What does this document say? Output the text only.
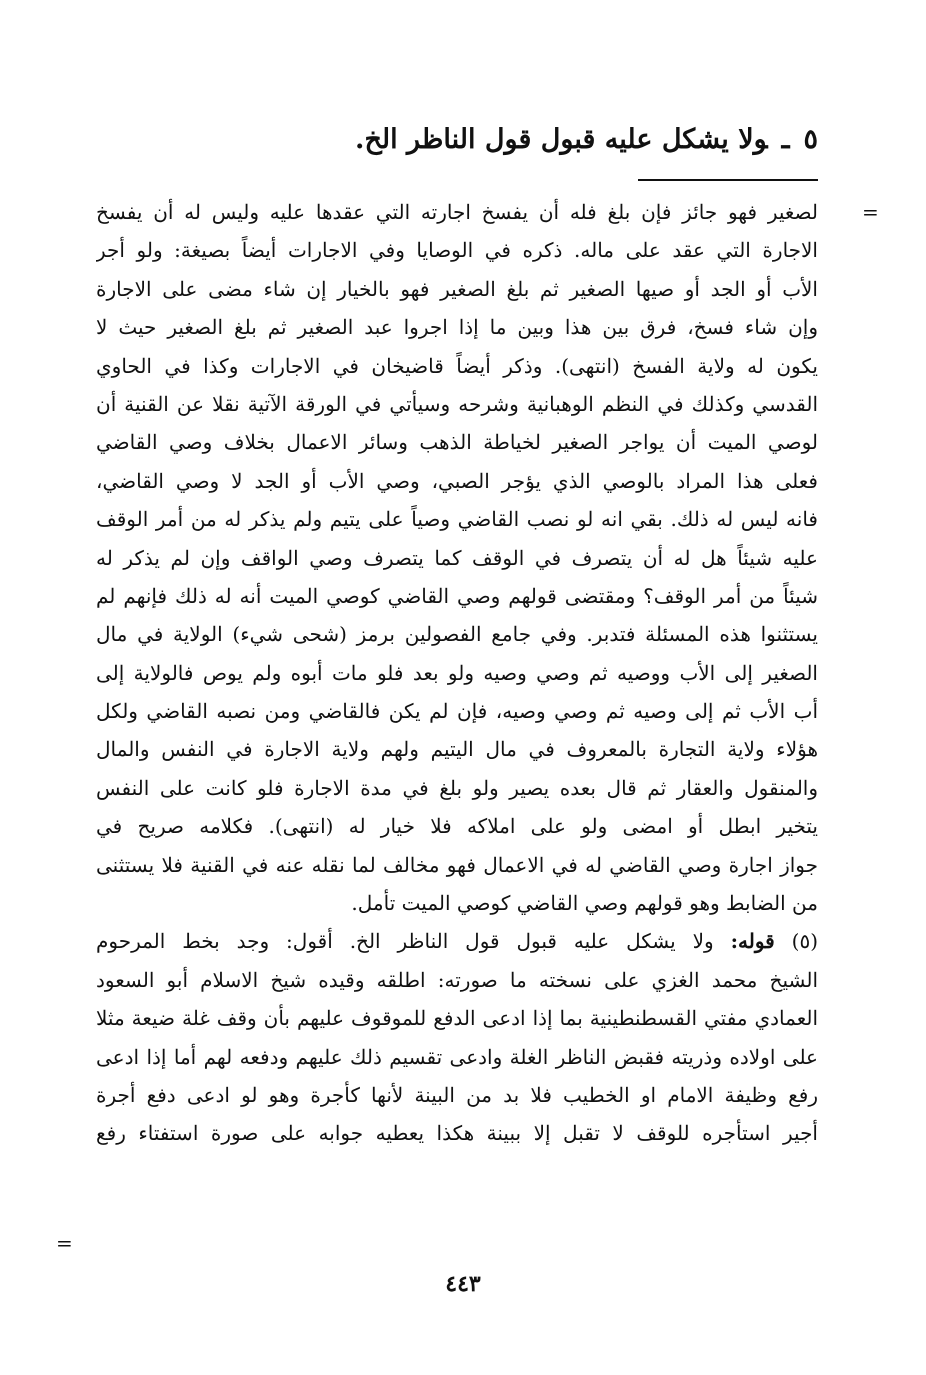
٥ـولا يشكل عليه قبول قول الناظر الخ.
=
لصغير فهو جائز فإن بلغ فله أن يفسخ اجارته التي عقدها عليه وليس له أن يفسخ
الاجارة التي عقد على ماله. ذكره في الوصايا وفي الاجارات أيضاً بصيغة: ولو أجر
الأب أو الجد أو صيها الصغير ثم بلغ الصغير فهو بالخيار إن شاء مضى على الاجارة
وإن شاء فسخ، فرق بين هذا وبين ما إذا اجروا عبد الصغير ثم بلغ الصغير حيث لا
يكون له ولاية الفسخ (انتهى). وذكر أيضاً قاضيخان في الاجارات وكذا في الحاوي
القدسي وكذلك في النظم الوهبانية وشرحه وسيأتي في الورقة الآتية نقلا عن القنية أن
لوصي الميت أن يواجر الصغير لخياطة الذهب وسائر الاعمال بخلاف وصي القاضي
فعلى هذا المراد بالوصي الذي يؤجر الصبي، وصي الأب أو الجد لا وصي القاضي،
فانه ليس له ذلك. بقي انه لو نصب القاضي وصياً على يتيم ولم يذكر له من أمر الوقف
عليه شيئاً هل له أن يتصرف في الوقف كما يتصرف وصي الواقف وإن لم يذكر له
شيئاً من أمر الوقف؟ ومقتضى قولهم وصي القاضي كوصي الميت أنه له ذلك فإنهم لم
يستثنوا هذه المسئلة فتدبر. وفي جامع الفصولين برمز (شحى شيء) الولاية في مال
الصغير إلى الأب ووصيه ثم وصي وصيه ولو بعد فلو مات أبوه ولم يوص فالولاية إلى
أب الأب ثم إلى وصيه ثم وصي وصيه، فإن لم يكن فالقاضي ومن نصبه القاضي ولكل
هؤلاء ولاية التجارة بالمعروف في مال اليتيم ولهم ولاية الاجارة في النفس والمال
والمنقول والعقار ثم قال بعده يصير ولو بلغ في مدة الاجارة فلو كانت على النفس
يتخير ابطل أو امضى ولو على املاكه فلا خيار له (انتهى). فكلامه صريح في
جواز اجارة وصي القاضي له في الاعمال فهو مخالف لما نقله عنه في القنية فلا يستثنى
من الضابط وهو قولهم وصي القاضي كوصي الميت تأمل.
(٥) قوله: ولا يشكل عليه قبول قول الناظر الخ. أقول: وجد بخط المرحوم
الشيخ محمد الغزي على نسخته ما صورته: اطلقه وقيده شيخ الاسلام أبو السعود
العمادي مفتي القسطنطينية بما إذا ادعى الدفع للموقوف عليهم بأن وقف غلة ضيعة مثلا
على اولاده وذريته فقبض الناظر الغلة وادعى تقسيم ذلك عليهم ودفعه لهم أما إذا ادعى
رفع وظيفة الامام او الخطيب فلا بد من البينة لأنها كأجرة وهو لو ادعى دفع أجرة
أجير استأجره للوقف لا تقبل إلا ببينة هكذا يعطيه جوابه على صورة استفتاء رفع
=
٤٤٣
